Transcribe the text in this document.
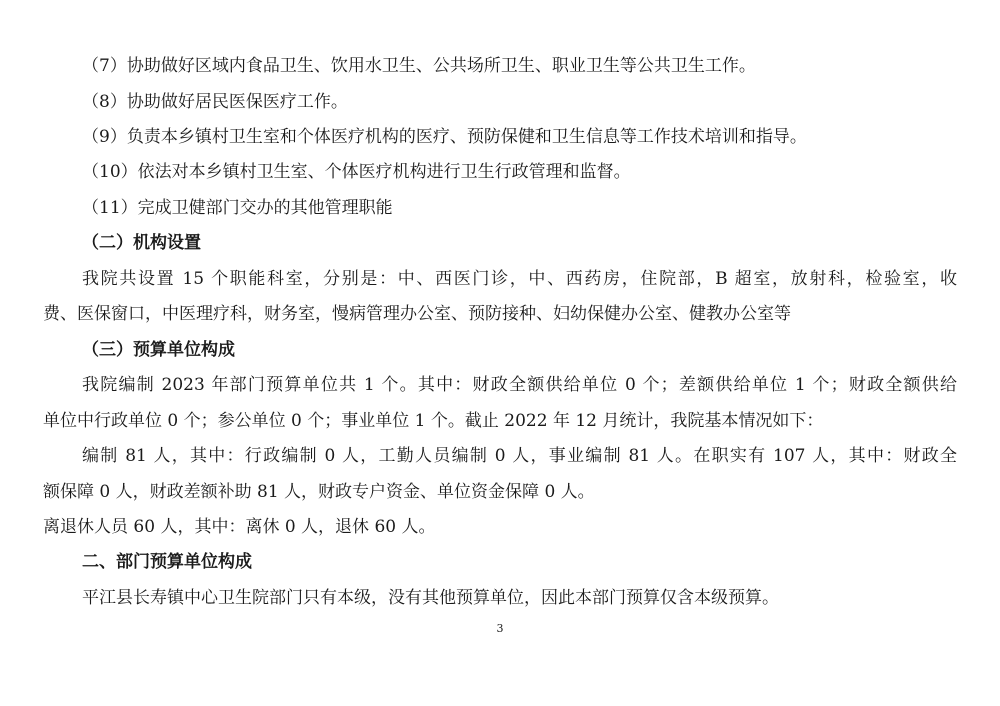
（7）协助做好区域内食品卫生、饮用水卫生、公共场所卫生、职业卫生等公共卫生工作。
（8）协助做好居民医保医疗工作。
（9）负责本乡镇村卫生室和个体医疗机构的医疗、预防保健和卫生信息等工作技术培训和指导。
（10）依法对本乡镇村卫生室、个体医疗机构进行卫生行政管理和监督。
（11）完成卫健部门交办的其他管理职能
（二）机构设置
我院共设置 15 个职能科室，分别是：中、西医门诊，中、西药房，住院部，B 超室，放射科，检验室，收
费、医保窗口，中医理疗科，财务室，慢病管理办公室、预防接种、妇幼保健办公室、健教办公室等
（三）预算单位构成
我院编制 2023 年部门预算单位共 1 个。其中：财政全额供给单位 0 个；差额供给单位 1 个；财政全额供给
单位中行政单位 0 个；参公单位 0 个；事业单位 1 个。截止 2022 年 12 月统计，我院基本情况如下：
编制 81 人，其中：行政编制 0 人，工勤人员编制 0 人，事业编制 81 人。在职实有 107 人，其中：财政全
额保障 0 人，财政差额补助 81 人，财政专户资金、单位资金保障 0 人。
离退休人员 60 人，其中：离休 0 人，退休 60 人。
二、部门预算单位构成
平江县长寿镇中心卫生院部门只有本级，没有其他预算单位，因此本部门预算仅含本级预算。
3
